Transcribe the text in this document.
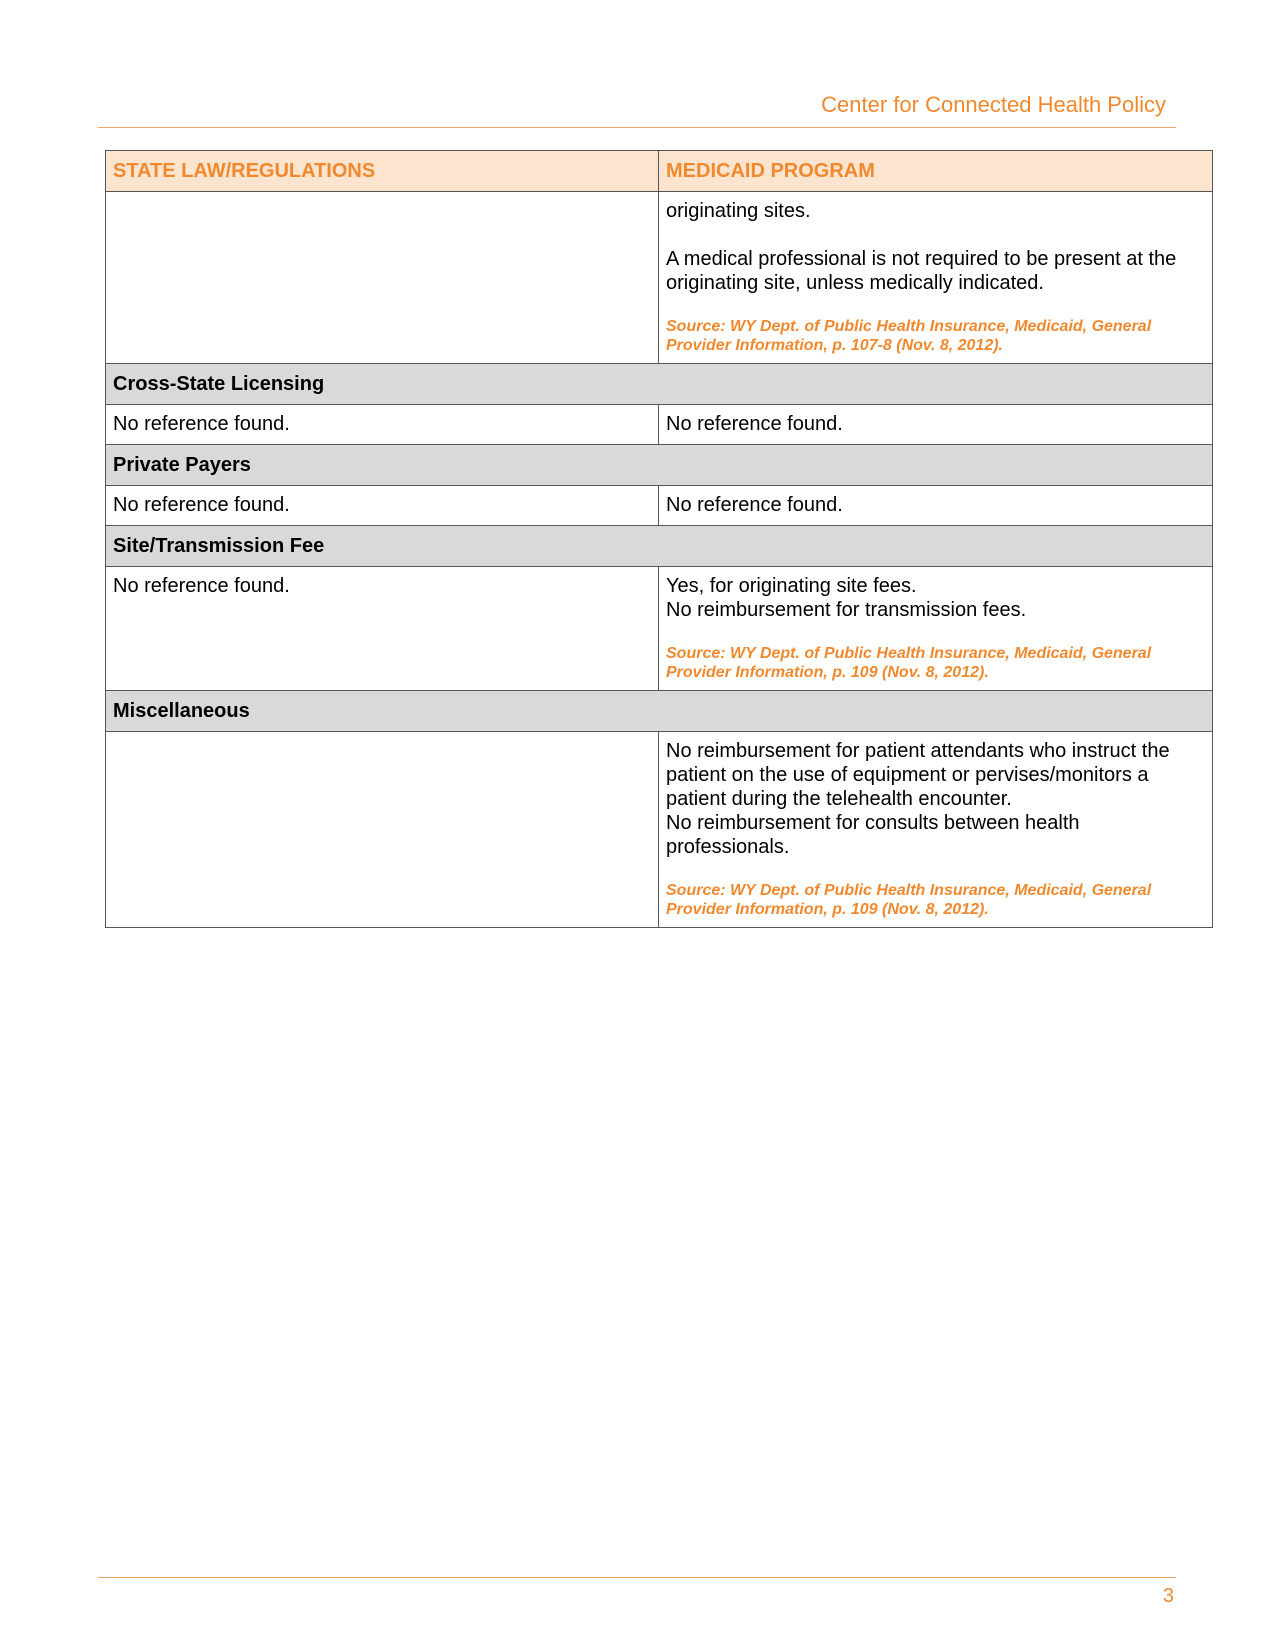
Center for Connected Health Policy
STATE LAW/REGULATIONS	MEDICAID PROGRAM

	originating sites.

A medical professional is not required to be present at the originating site, unless medically indicated.

Source: WY Dept. of Public Health Insurance, Medicaid, General Provider Information, p. 107-8 (Nov. 8, 2012).

Cross-State Licensing	
No reference found.	No reference found.
Private Payers	
No reference found.	No reference found.
Site/Transmission Fee	
No reference found.	Yes, for originating site fees.
No reimbursement for transmission fees.
Source: WY Dept. of Public Health Insurance, Medicaid, General Provider Information, p. 109 (Nov. 8, 2012).

Miscellaneous	

	No reimbursement for patient attendants who instruct the patient on the use of equipment or pervises/monitors a patient during the telehealth encounter.
No reimbursement for consults between health professionals.
Source: WY Dept. of Public Health Insurance, Medicaid, General Provider Information, p. 109 (Nov. 8, 2012).
3
